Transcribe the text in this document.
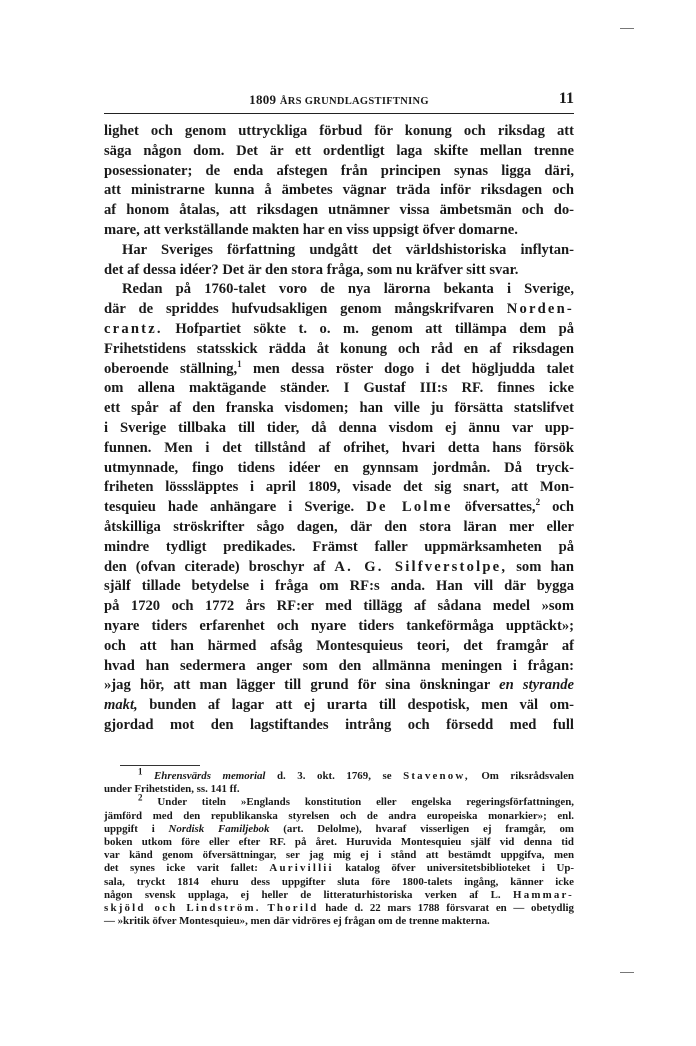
1809 ÅRS GRUNDLAGSTIFTNING	11
lighet och genom uttryckliga förbud för konung och riksdag att
säga någon dom. Det är ett ordentligt laga skifte mellan trenne
posessionater; de enda afstegen från principen synas ligga däri,
att ministrarne kunna å ämbetes vägnar träda inför riksdagen och
af honom åtalas, att riksdagen utnämner vissa ämbetsmän och do-
mare, att verkställande makten har en viss uppsigt öfver domarne.
Har Sveriges författning undgått det världshistoriska inflytan-
det af dessa idéer? Det är den stora fråga, som nu kräfver sitt svar.
Redan på 1760-talet voro de nya lärorna bekanta i Sverige,
där de spriddes hufvudsakligen genom mångskrifvaren Norden-
crantz. Hofpartiet sökte t. o. m. genom att tillämpa dem på
Frihetstidens statsskick rädda åt konung och råd en af riksdagen
oberoende ställning,$^1$ men dessa röster dogo i det högljudda talet
om allena maktägande ständer. I Gustaf III:s RF. finnes icke
ett spår af den franska visdomen; han ville ju försätta statslifvet
i Sverige tillbaka till tider, då denna visdom ej ännu var upp-
funnen. Men i det tillstånd af ofrihet, hvari detta hans försök
utmynnade, fingo tidens idéer en gynnsam jordmån. Då tryck-
friheten lösssläpptes i april 1809, visade det sig snart, att Mon-
tesquieu hade anhängare i Sverige. De Lolme öfversattes,$^2$ och
åtskilliga ströskrifter sågo dagen, där den stora läran mer eller
mindre tydligt predikades. Främst faller uppmärksamheten på
den (ofvan citerade) broschyr af A. G. Silfverstolpe, som han
själf tillade betydelse i fråga om RF:s anda. Han vill där bygga
på 1720 och 1772 års RF:er med tillägg af sådana medel »som
nyare tiders erfarenhet och nyare tiders tankeförmåga upptäckt»;
och att han härmed afsåg Montesquieus teori, det framgår af
hvad han sedermera anger som den allmänna meningen i frågan:
»jag hör, att man lägger till grund för sina önskningar en styrande
makt, bunden af lagar att ej urarta till despotisk, men väl om-
gjordad mot den lagstiftandes intrång och försedd med full
$^1$ Ehrensvärds memorial d. 3. okt. 1769, se Stavenow, Om riksrådsvalen
under Frihetstiden, ss. 141 ff.
$^2$ Under titeln »Englands konstitution eller engelska regeringsförfattningen,
jämförd med den republikanska styrelsen och de andra europeiska monarkier»; enl.
uppgift i Nordisk Familjebok (art. Delolme), hvaraf visserligen ej framgår, om
boken utkom före eller efter RF. på året. Huruvida Montesquieu själf vid denna tid
var känd genom öfversättningar, ser jag mig ej i stånd att bestämdt uppgifva, men
det synes icke varit fallet: Aurivillii katalog öfver universitetsbiblioteket i Up-
sala, tryckt 1814 ehuru dess uppgifter sluta före 1800-talets ingång, känner icke
någon svensk upplaga, ej heller de litteraturhistoriska verken af L. Hammar-
skjöld och Lindström. Thorild hade d. 22 mars 1788 försvarat en — obetydlig
— »kritik öfver Montesquieu», men där vidröres ej frågan om de trenne makterna.
